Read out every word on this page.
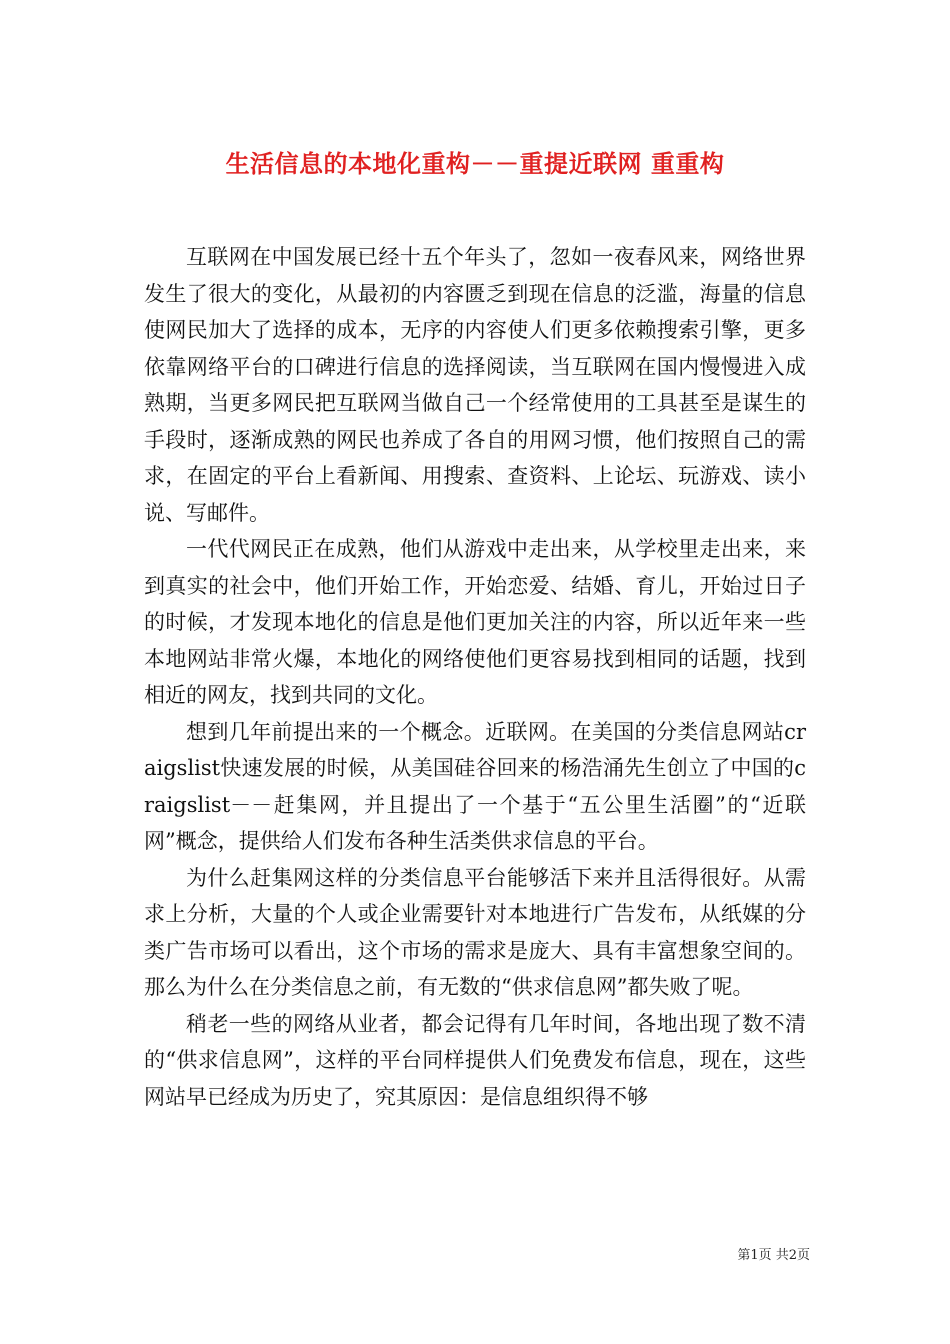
生活信息的本地化重构－－重提近联网 重重构

互联网在中国发展已经十五个年头了，忽如一夜春风来，网络世界发生了很大的变化，从最初的内容匮乏到现在信息的泛滥，海量的信息使网民加大了选择的成本，无序的内容使人们更多依赖搜索引擎，更多依靠网络平台的口碑进行信息的选择阅读，当互联网在国内慢慢进入成熟期，当更多网民把互联网当做自己一个经常使用的工具甚至是谋生的手段时，逐渐成熟的网民也养成了各自的用网习惯，他们按照自己的需求，在固定的平台上看新闻、用搜索、查资料、上论坛、玩游戏、读小说、写邮件。

一代代网民正在成熟，他们从游戏中走出来，从学校里走出来，来到真实的社会中，他们开始工作，开始恋爱、结婚、育儿，开始过日子的时候，才发现本地化的信息是他们更加关注的内容，所以近年来一些本地网站非常火爆，本地化的网络使他们更容易找到相同的话题，找到相近的网友，找到共同的文化。

想到几年前提出来的一个概念。近联网。在美国的分类信息网站craigslist快速发展的时候，从美国硅谷回来的杨浩涌先生创立了中国的craigslist－－赶集网，并且提出了一个基于“五公里生活圈”的“近联网”概念，提供给人们发布各种生活类供求信息的平台。

为什么赶集网这样的分类信息平台能够活下来并且活得很好。从需求上分析，大量的个人或企业需要针对本地进行广告发布，从纸媒的分类广告市场可以看出，这个市场的需求是庞大、具有丰富想象空间的。那么为什么在分类信息之前，有无数的“供求信息网”都失败了呢。

稍老一些的网络从业者，都会记得有几年时间，各地出现了数不清的“供求信息网”，这样的平台同样提供人们免费发布信息，现在，这些网站早已经成为历史了，究其原因：是信息组织得不够

第1页 共2页
